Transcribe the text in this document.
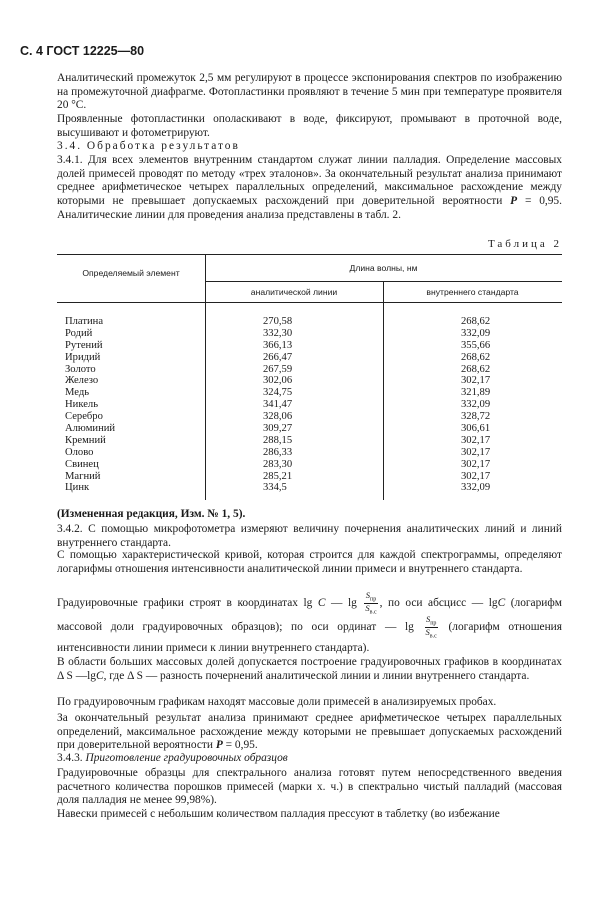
С. 4 ГОСТ 12225—80
Аналитический промежуток 2,5 мм регулируют в процессе экспонирования спектров по изображению на промежуточной диафрагме. Фотопластинки проявляют в течение 5 мин при температуре проявителя 20 °С.
Проявленные фотопластинки ополаскивают в воде, фиксируют, промывают в проточной воде, высушивают и фотометрируют.
3.4. Обработка результатов
3.4.1. Для всех элементов внутренним стандартом служат линии палладия. Определение массовых долей примесей проводят по методу «трех эталонов». За окончательный результат анализа принимают среднее арифметическое четырех параллельных определений, максимальное расхождение между которыми не превышает допускаемых расхождений при доверительной вероятности P = 0,95. Аналитические линии для проведения анализа представлены в табл. 2.
Таблица 2
Определяемый элемент	Длина волны, нм
аналитической линии	внутреннего стандарта
Платина	270,58	268,62
Родий	332,30	332,09
Рутений	366,13	355,66
Иридий	266,47	268,62
Золото	267,59	268,62
Железо	302,06	302,17
Медь	324,75	321,89
Никель	341,47	332,09
Серебро	328,06	328,72
Алюминий	309,27	306,61
Кремний	288,15	302,17
Олово	286,33	302,17
Свинец	283,30	302,17
Магний	285,21	302,17
Цинк	334,5	332,09
(Измененная редакция, Изм. № 1, 5).
3.4.2. С помощью микрофотометра измеряют величину почернения аналитических линий и линий внутреннего стандарта.
С помощью характеристической кривой, которая строится для каждой спектрограммы, определяют логарифмы отношения интенсивности аналитической линии примеси и внутреннего стандарта.
Градуировочные графики строят в координатах lg C — $\lg \frac{S_{пр}}{S_{в.с}}$ , по оси абсцисс — lgC (логарифм массовой доли градуировочных образцов); по оси ординат — $\lg \frac{S_{пр}}{S_{в.с}}$ (логарифм отношения интенсивности линии примеси к линии внутреннего стандарта).
В области больших массовых долей допускается построение градуировочных графиков в координатах Δ S —lgC, где Δ S — разность почернений аналитической линии и линии внутреннего стандарта.
По градуировочным графикам находят массовые доли примесей в анализируемых пробах.
За окончательный результат анализа принимают среднее арифметическое четырех параллельных определений, максимальное расхождение между которыми не превышает допускаемых расхождений при доверительной вероятности P = 0,95.
3.4.3. Приготовление градуировочных образцов
Градуировочные образцы для спектрального анализа готовят путем непосредственного введения расчетного количества порошков примесей (марки х. ч.) в спектрально чистый палладий (массовая доля палладия не менее 99,98%).
Навески примесей с небольшим количеством палладия прессуют в таблетку (во избежание
